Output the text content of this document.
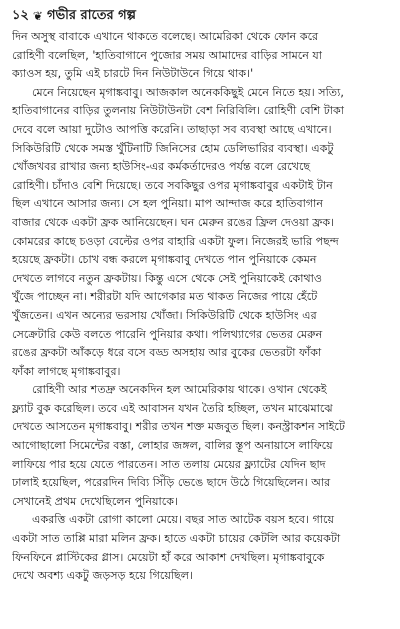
১২ ❦ গভীর রাতের গল্প

দিন অসুস্থ বাবাকে এখানে থাকতে বলেছে। আমেরিকা থেকে ফোন করে
রোহিণী বলেছিল, 'হাতিবাগানে পুজোর সময় আমাদের বাড়ির সামনে যা
ক্যাওস হয়, তুমি এই চারটে দিন নিউটাউনে গিয়ে থাক।'

মেনে নিয়েছেন মৃগাঙ্কবাবু। আজকাল অনেককিছুই মেনে নিতে হয়। সত্যি,
হাতিবাগানের বাড়ির তুলনায় নিউটাউনটা বেশ নিরিবিলি। রোহিণী বেশি টাকা
দেবে বলে আয়া দুটোও আপত্তি করেনি। তাছাড়া সব ব্যবস্থা আছে এখানে।
সিকিউরিটি থেকে সমস্ত খুঁটিনাটি জিনিসের হোম ডেলিভারির ব্যবস্থা। একটু
খোঁজখবর রাখার জন্য হাউসিং-এর কর্মকর্তাদেরও পর্যন্ত বলে রেখেছে
রোহিণী। চাঁদাও বেশি দিয়েছে। তবে সবকিছুর ওপর মৃগাঙ্কবাবুর একটাই টান
ছিল এখানে আসার জন্য। সে হল পুনিয়া। মাপ আন্দাজ করে হাতিবাগান
বাজার থেকে একটা ফ্রক আনিয়েছেন। ঘন মেরুন রঙের ফ্রিল দেওয়া ফ্রক।
কোমরের কাছে চওড়া বেল্টের ওপর বাহারি একটা ফুল। নিজেরই ভারি পছন্দ
হয়েছে ফ্রকটা। চোখ বন্ধ করলে মৃগাঙ্কবাবু দেখতে পান পুনিয়াকে কেমন
দেখতে লাগবে নতুন ফ্রকটায়। কিন্তু এসে থেকে সেই পুনিয়াকেই কোথাও
খুঁজে পাচ্ছেন না। শরীরটা যদি আগেকার মত থাকত নিজের পায়ে হেঁটে
খুঁজতেন। এখন অন্যের ভরসায় খোঁজা। সিকিউরিটি থেকে হাউসিং এর
সেক্রেটারি কেউ বলতে পারেনি পুনিয়ার কথা। পলিথ্যাগের ভেতর মেরুন
রঙের ফ্রকটা আঁকড়ে ধরে বসে বড্ড অসহায় আর বুকের ভেতরটা ফাঁকা
ফাঁকা লাগছে মৃগাঙ্কবাবুর।

রোহিণী আর শতদ্রু অনেকদিন হল আমেরিকায় থাকে। ওখান থেকেই
ফ্ল্যাট বুক করেছিল। তবে এই আবাসন যখন তৈরি হচ্ছিল, তখন মাঝেমাঝে
দেখতে আসতেন মৃগাঙ্কবাবু। শরীর তখন শক্ত মজবুত ছিল। কনস্ট্রাকশন সাইটে
আগোছালো সিমেন্টের বস্তা, লোহার জঙ্গল, বালির স্তূপ অনায়াসে লাফিয়ে
লাফিয়ে পার হয়ে যেতে পারতেন। সাত তলায় মেয়ের ফ্ল্যাটের যেদিন ছাদ
ঢালাই হয়েছিল, পরেরদিন দিব্যি সিঁড়ি ভেঙে ছাদে উঠে গিয়েছিলেন। আর
সেখানেই প্রথম দেখেছিলেন পুনিয়াকে।

একরত্তি একটা রোগা কালো মেয়ে। বছর সাত আটেক বয়স হবে। গায়ে
একটা সাত তাপ্পি মারা মলিন ফ্রক। হাতে একটা চায়ের কেটলি আর কয়েকটা
ফিনফিনে প্লাস্টিকের গ্লাস। মেয়েটা হাঁ করে আকাশ দেখছিল। মৃগাঙ্কবাবুকে
দেখে অবশ্য একটু জড়সড় হয়ে গিয়েছিল।
